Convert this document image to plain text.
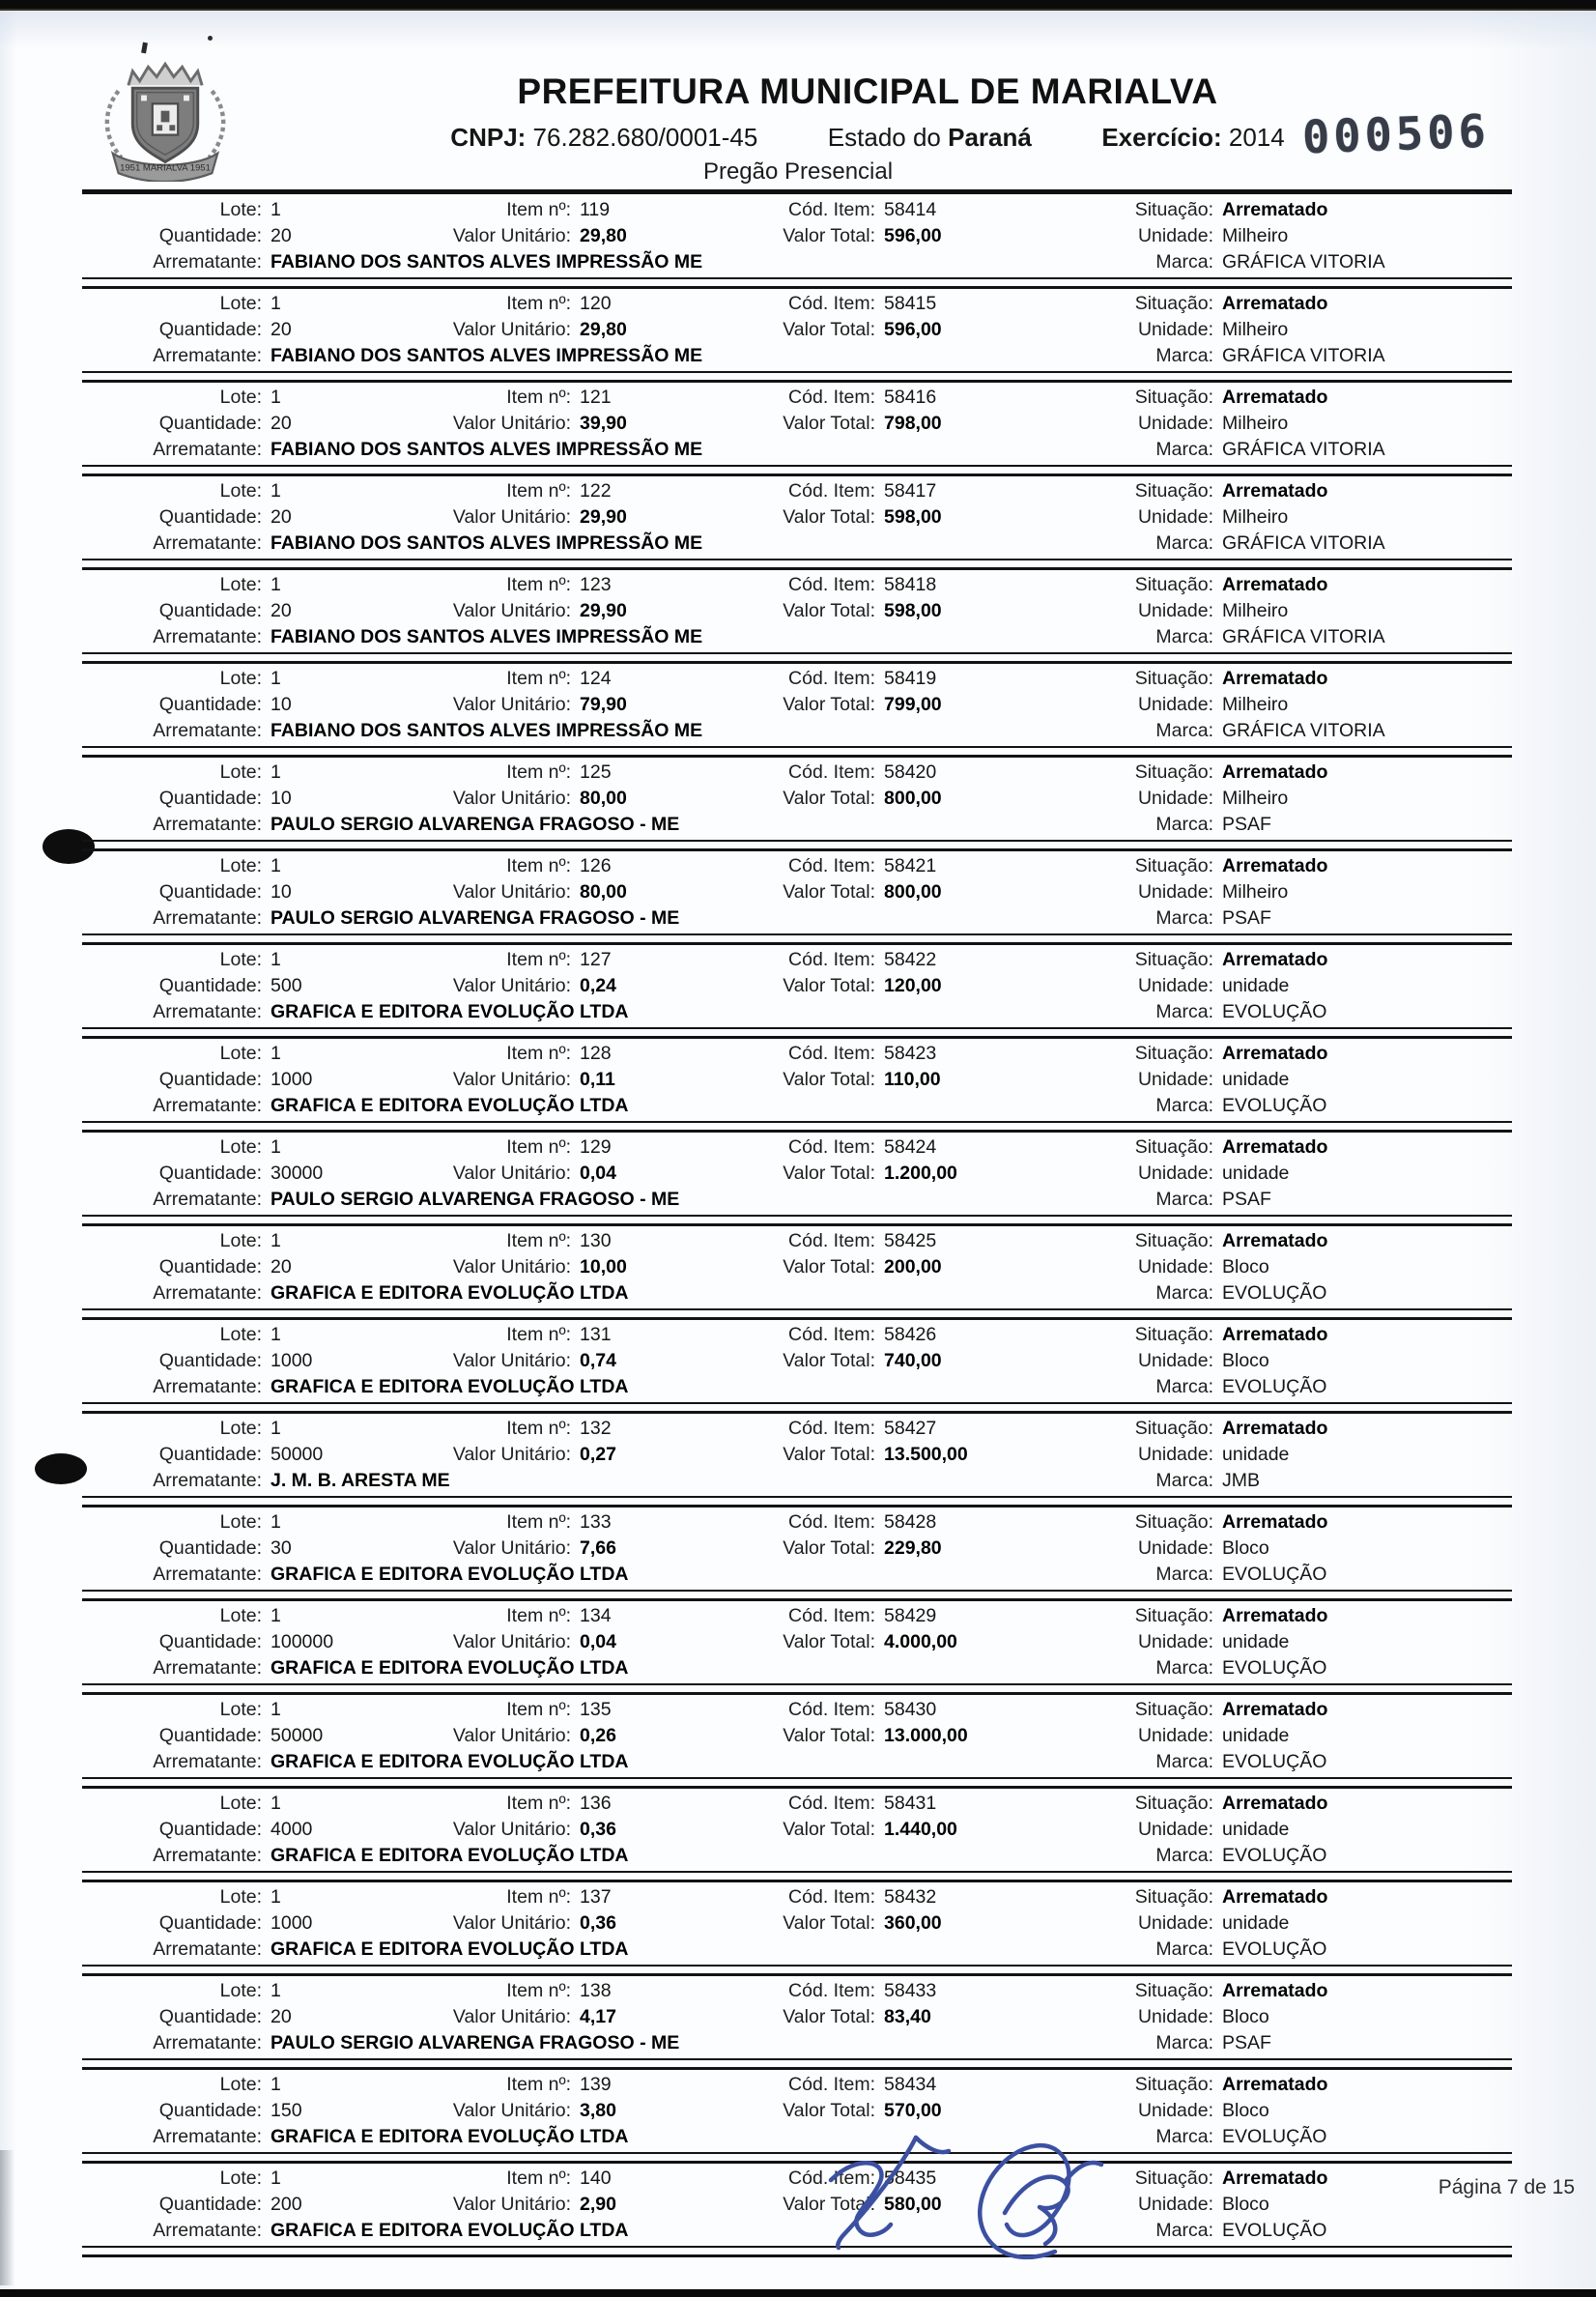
1951 MARIALVA 1951
PREFEITURA MUNICIPAL DE MARIALVA
CNPJ: 76.282.680/0001-45	Estado do Paraná	Exercício: 2014
Pregão Presencial
000506
Lote: 1	Item nº: 119	Cód. Item: 58414	Situação: Arrematado
Quantidade: 20	Valor Unitário: 29,80	Valor Total: 596,00	Unidade: Milheiro
Arrematante: FABIANO DOS SANTOS ALVES IMPRESSÃO ME	Marca: GRÁFICA VITORIA
Lote: 1	Item nº: 120	Cód. Item: 58415	Situação: Arrematado
Quantidade: 20	Valor Unitário: 29,80	Valor Total: 596,00	Unidade: Milheiro
Arrematante: FABIANO DOS SANTOS ALVES IMPRESSÃO ME	Marca: GRÁFICA VITORIA
Lote: 1	Item nº: 121	Cód. Item: 58416	Situação: Arrematado
Quantidade: 20	Valor Unitário: 39,90	Valor Total: 798,00	Unidade: Milheiro
Arrematante: FABIANO DOS SANTOS ALVES IMPRESSÃO ME	Marca: GRÁFICA VITORIA
Lote: 1	Item nº: 122	Cód. Item: 58417	Situação: Arrematado
Quantidade: 20	Valor Unitário: 29,90	Valor Total: 598,00	Unidade: Milheiro
Arrematante: FABIANO DOS SANTOS ALVES IMPRESSÃO ME	Marca: GRÁFICA VITORIA
Lote: 1	Item nº: 123	Cód. Item: 58418	Situação: Arrematado
Quantidade: 20	Valor Unitário: 29,90	Valor Total: 598,00	Unidade: Milheiro
Arrematante: FABIANO DOS SANTOS ALVES IMPRESSÃO ME	Marca: GRÁFICA VITORIA
Lote: 1	Item nº: 124	Cód. Item: 58419	Situação: Arrematado
Quantidade: 10	Valor Unitário: 79,90	Valor Total: 799,00	Unidade: Milheiro
Arrematante: FABIANO DOS SANTOS ALVES IMPRESSÃO ME	Marca: GRÁFICA VITORIA
Lote: 1	Item nº: 125	Cód. Item: 58420	Situação: Arrematado
Quantidade: 10	Valor Unitário: 80,00	Valor Total: 800,00	Unidade: Milheiro
Arrematante: PAULO SERGIO ALVARENGA FRAGOSO - ME	Marca: PSAF
Lote: 1	Item nº: 126	Cód. Item: 58421	Situação: Arrematado
Quantidade: 10	Valor Unitário: 80,00	Valor Total: 800,00	Unidade: Milheiro
Arrematante: PAULO SERGIO ALVARENGA FRAGOSO - ME	Marca: PSAF
Lote: 1	Item nº: 127	Cód. Item: 58422	Situação: Arrematado
Quantidade: 500	Valor Unitário: 0,24	Valor Total: 120,00	Unidade: unidade
Arrematante: GRAFICA E EDITORA EVOLUÇÃO LTDA	Marca: EVOLUÇÃO
Lote: 1	Item nº: 128	Cód. Item: 58423	Situação: Arrematado
Quantidade: 1000	Valor Unitário: 0,11	Valor Total: 110,00	Unidade: unidade
Arrematante: GRAFICA E EDITORA EVOLUÇÃO LTDA	Marca: EVOLUÇÃO
Lote: 1	Item nº: 129	Cód. Item: 58424	Situação: Arrematado
Quantidade: 30000	Valor Unitário: 0,04	Valor Total: 1.200,00	Unidade: unidade
Arrematante: PAULO SERGIO ALVARENGA FRAGOSO - ME	Marca: PSAF
Lote: 1	Item nº: 130	Cód. Item: 58425	Situação: Arrematado
Quantidade: 20	Valor Unitário: 10,00	Valor Total: 200,00	Unidade: Bloco
Arrematante: GRAFICA E EDITORA EVOLUÇÃO LTDA	Marca: EVOLUÇÃO
Lote: 1	Item nº: 131	Cód. Item: 58426	Situação: Arrematado
Quantidade: 1000	Valor Unitário: 0,74	Valor Total: 740,00	Unidade: Bloco
Arrematante: GRAFICA E EDITORA EVOLUÇÃO LTDA	Marca: EVOLUÇÃO
Lote: 1	Item nº: 132	Cód. Item: 58427	Situação: Arrematado
Quantidade: 50000	Valor Unitário: 0,27	Valor Total: 13.500,00	Unidade: unidade
Arrematante: J. M. B. ARESTA ME	Marca: JMB
Lote: 1	Item nº: 133	Cód. Item: 58428	Situação: Arrematado
Quantidade: 30	Valor Unitário: 7,66	Valor Total: 229,80	Unidade: Bloco
Arrematante: GRAFICA E EDITORA EVOLUÇÃO LTDA	Marca: EVOLUÇÃO
Lote: 1	Item nº: 134	Cód. Item: 58429	Situação: Arrematado
Quantidade: 100000	Valor Unitário: 0,04	Valor Total: 4.000,00	Unidade: unidade
Arrematante: GRAFICA E EDITORA EVOLUÇÃO LTDA	Marca: EVOLUÇÃO
Lote: 1	Item nº: 135	Cód. Item: 58430	Situação: Arrematado
Quantidade: 50000	Valor Unitário: 0,26	Valor Total: 13.000,00	Unidade: unidade
Arrematante: GRAFICA E EDITORA EVOLUÇÃO LTDA	Marca: EVOLUÇÃO
Lote: 1	Item nº: 136	Cód. Item: 58431	Situação: Arrematado
Quantidade: 4000	Valor Unitário: 0,36	Valor Total: 1.440,00	Unidade: unidade
Arrematante: GRAFICA E EDITORA EVOLUÇÃO LTDA	Marca: EVOLUÇÃO
Lote: 1	Item nº: 137	Cód. Item: 58432	Situação: Arrematado
Quantidade: 1000	Valor Unitário: 0,36	Valor Total: 360,00	Unidade: unidade
Arrematante: GRAFICA E EDITORA EVOLUÇÃO LTDA	Marca: EVOLUÇÃO
Lote: 1	Item nº: 138	Cód. Item: 58433	Situação: Arrematado
Quantidade: 20	Valor Unitário: 4,17	Valor Total: 83,40	Unidade: Bloco
Arrematante: PAULO SERGIO ALVARENGA FRAGOSO - ME	Marca: PSAF
Lote: 1	Item nº: 139	Cód. Item: 58434	Situação: Arrematado
Quantidade: 150	Valor Unitário: 3,80	Valor Total: 570,00	Unidade: Bloco
Arrematante: GRAFICA E EDITORA EVOLUÇÃO LTDA	Marca: EVOLUÇÃO
Lote: 1	Item nº: 140	Cód. Item: 58435	Situação: Arrematado
Quantidade: 200	Valor Unitário: 2,90	Valor Total: 580,00	Unidade: Bloco
Arrematante: GRAFICA E EDITORA EVOLUÇÃO LTDA	Marca: EVOLUÇÃO
Página 7 de 15
